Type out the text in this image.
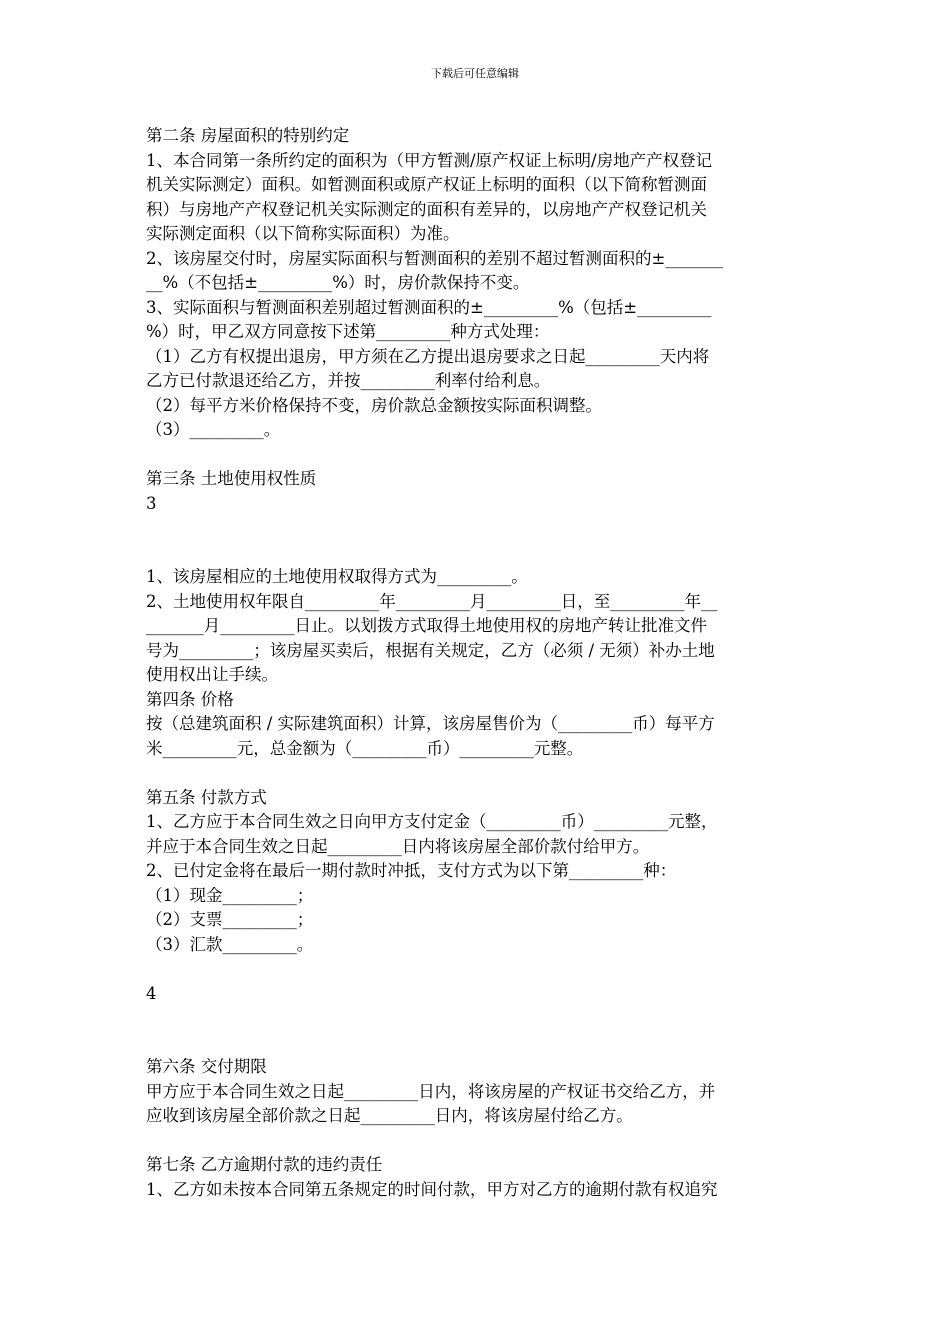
下载后可任意编辑
第二条 房屋面积的特别约定
1、本合同第一条所约定的面积为（甲方暂测/原产权证上标明/房地产产权登记
机关实际测定）面积。如暂测面积或原产权证上标明的面积（以下简称暂测面
积）与房地产产权登记机关实际测定的面积有差异的，以房地产产权登记机关
实际测定面积（以下简称实际面积）为准。
2、该房屋交付时，房屋实际面积与暂测面积的差别不超过暂测面积的±_______
__%（不包括±_________%）时，房价款保持不变。
3、实际面积与暂测面积差别超过暂测面积的±_________%（包括±_________
%）时，甲乙双方同意按下述第_________种方式处理：
（1）乙方有权提出退房，甲方须在乙方提出退房要求之日起_________天内将
乙方已付款退还给乙方，并按_________利率付给利息。
（2）每平方米价格保持不变，房价款总金额按实际面积调整。
（3）_________。
第三条 土地使用权性质
3
1、该房屋相应的土地使用权取得方式为_________。
2、土地使用权年限自_________年_________月_________日，至_________年__
_______月_________日止。以划拨方式取得土地使用权的房地产转让批准文件
号为_________；该房屋买卖后，根据有关规定，乙方（必须 / 无须）补办土地
使用权出让手续。
第四条 价格
按（总建筑面积 / 实际建筑面积）计算，该房屋售价为（_________币）每平方
米_________元，总金额为（_________币）_________元整。
第五条 付款方式
1、乙方应于本合同生效之日向甲方支付定金（_________币）_________元整，
并应于本合同生效之日起_________日内将该房屋全部价款付给甲方。
2、已付定金将在最后一期付款时冲抵，支付方式为以下第_________种：
（1）现金_________；
（2）支票_________；
（3）汇款_________。
4
第六条 交付期限
甲方应于本合同生效之日起_________日内，将该房屋的产权证书交给乙方，并
应收到该房屋全部价款之日起_________日内，将该房屋付给乙方。
第七条 乙方逾期付款的违约责任
1、乙方如未按本合同第五条规定的时间付款，甲方对乙方的逾期付款有权追究
